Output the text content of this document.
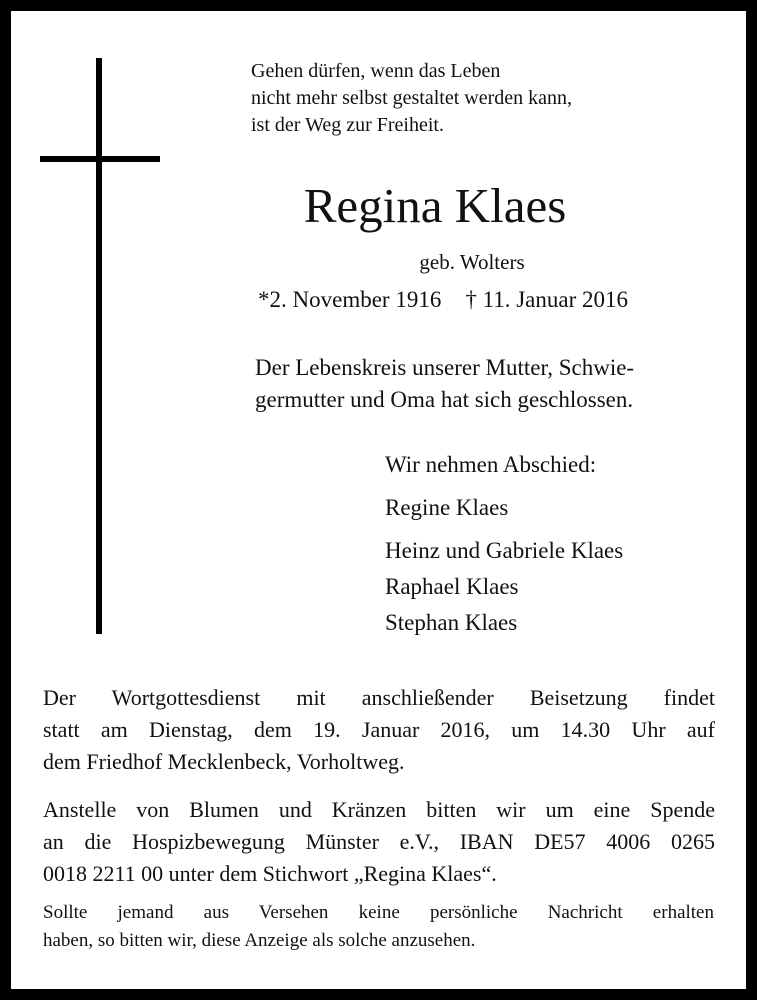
Gehen dürfen, wenn das Leben
nicht mehr selbst gestaltet werden kann,
ist der Weg zur Freiheit.
Regina Klaes
geb. Wolters
*2. November 1916 † 11. Januar 2016
Der Lebenskreis unserer Mutter, Schwie-
germutter und Oma hat sich geschlossen.
Wir nehmen Abschied:
Regine Klaes
Heinz und Gabriele Klaes
Raphael Klaes
Stephan Klaes
Der Wortgottesdienst mit anschließender Beisetzung findet
statt am Dienstag, dem 19. Januar 2016, um 14.30 Uhr auf
dem Friedhof Mecklenbeck, Vorholtweg.
Anstelle von Blumen und Kränzen bitten wir um eine Spende
an die Hospizbewegung Münster e.V., IBAN DE57 4006 0265
0018 2211 00 unter dem Stichwort „Regina Klaes“.
Sollte jemand aus Versehen keine persönliche Nachricht erhalten
haben, so bitten wir, diese Anzeige als solche anzusehen.
